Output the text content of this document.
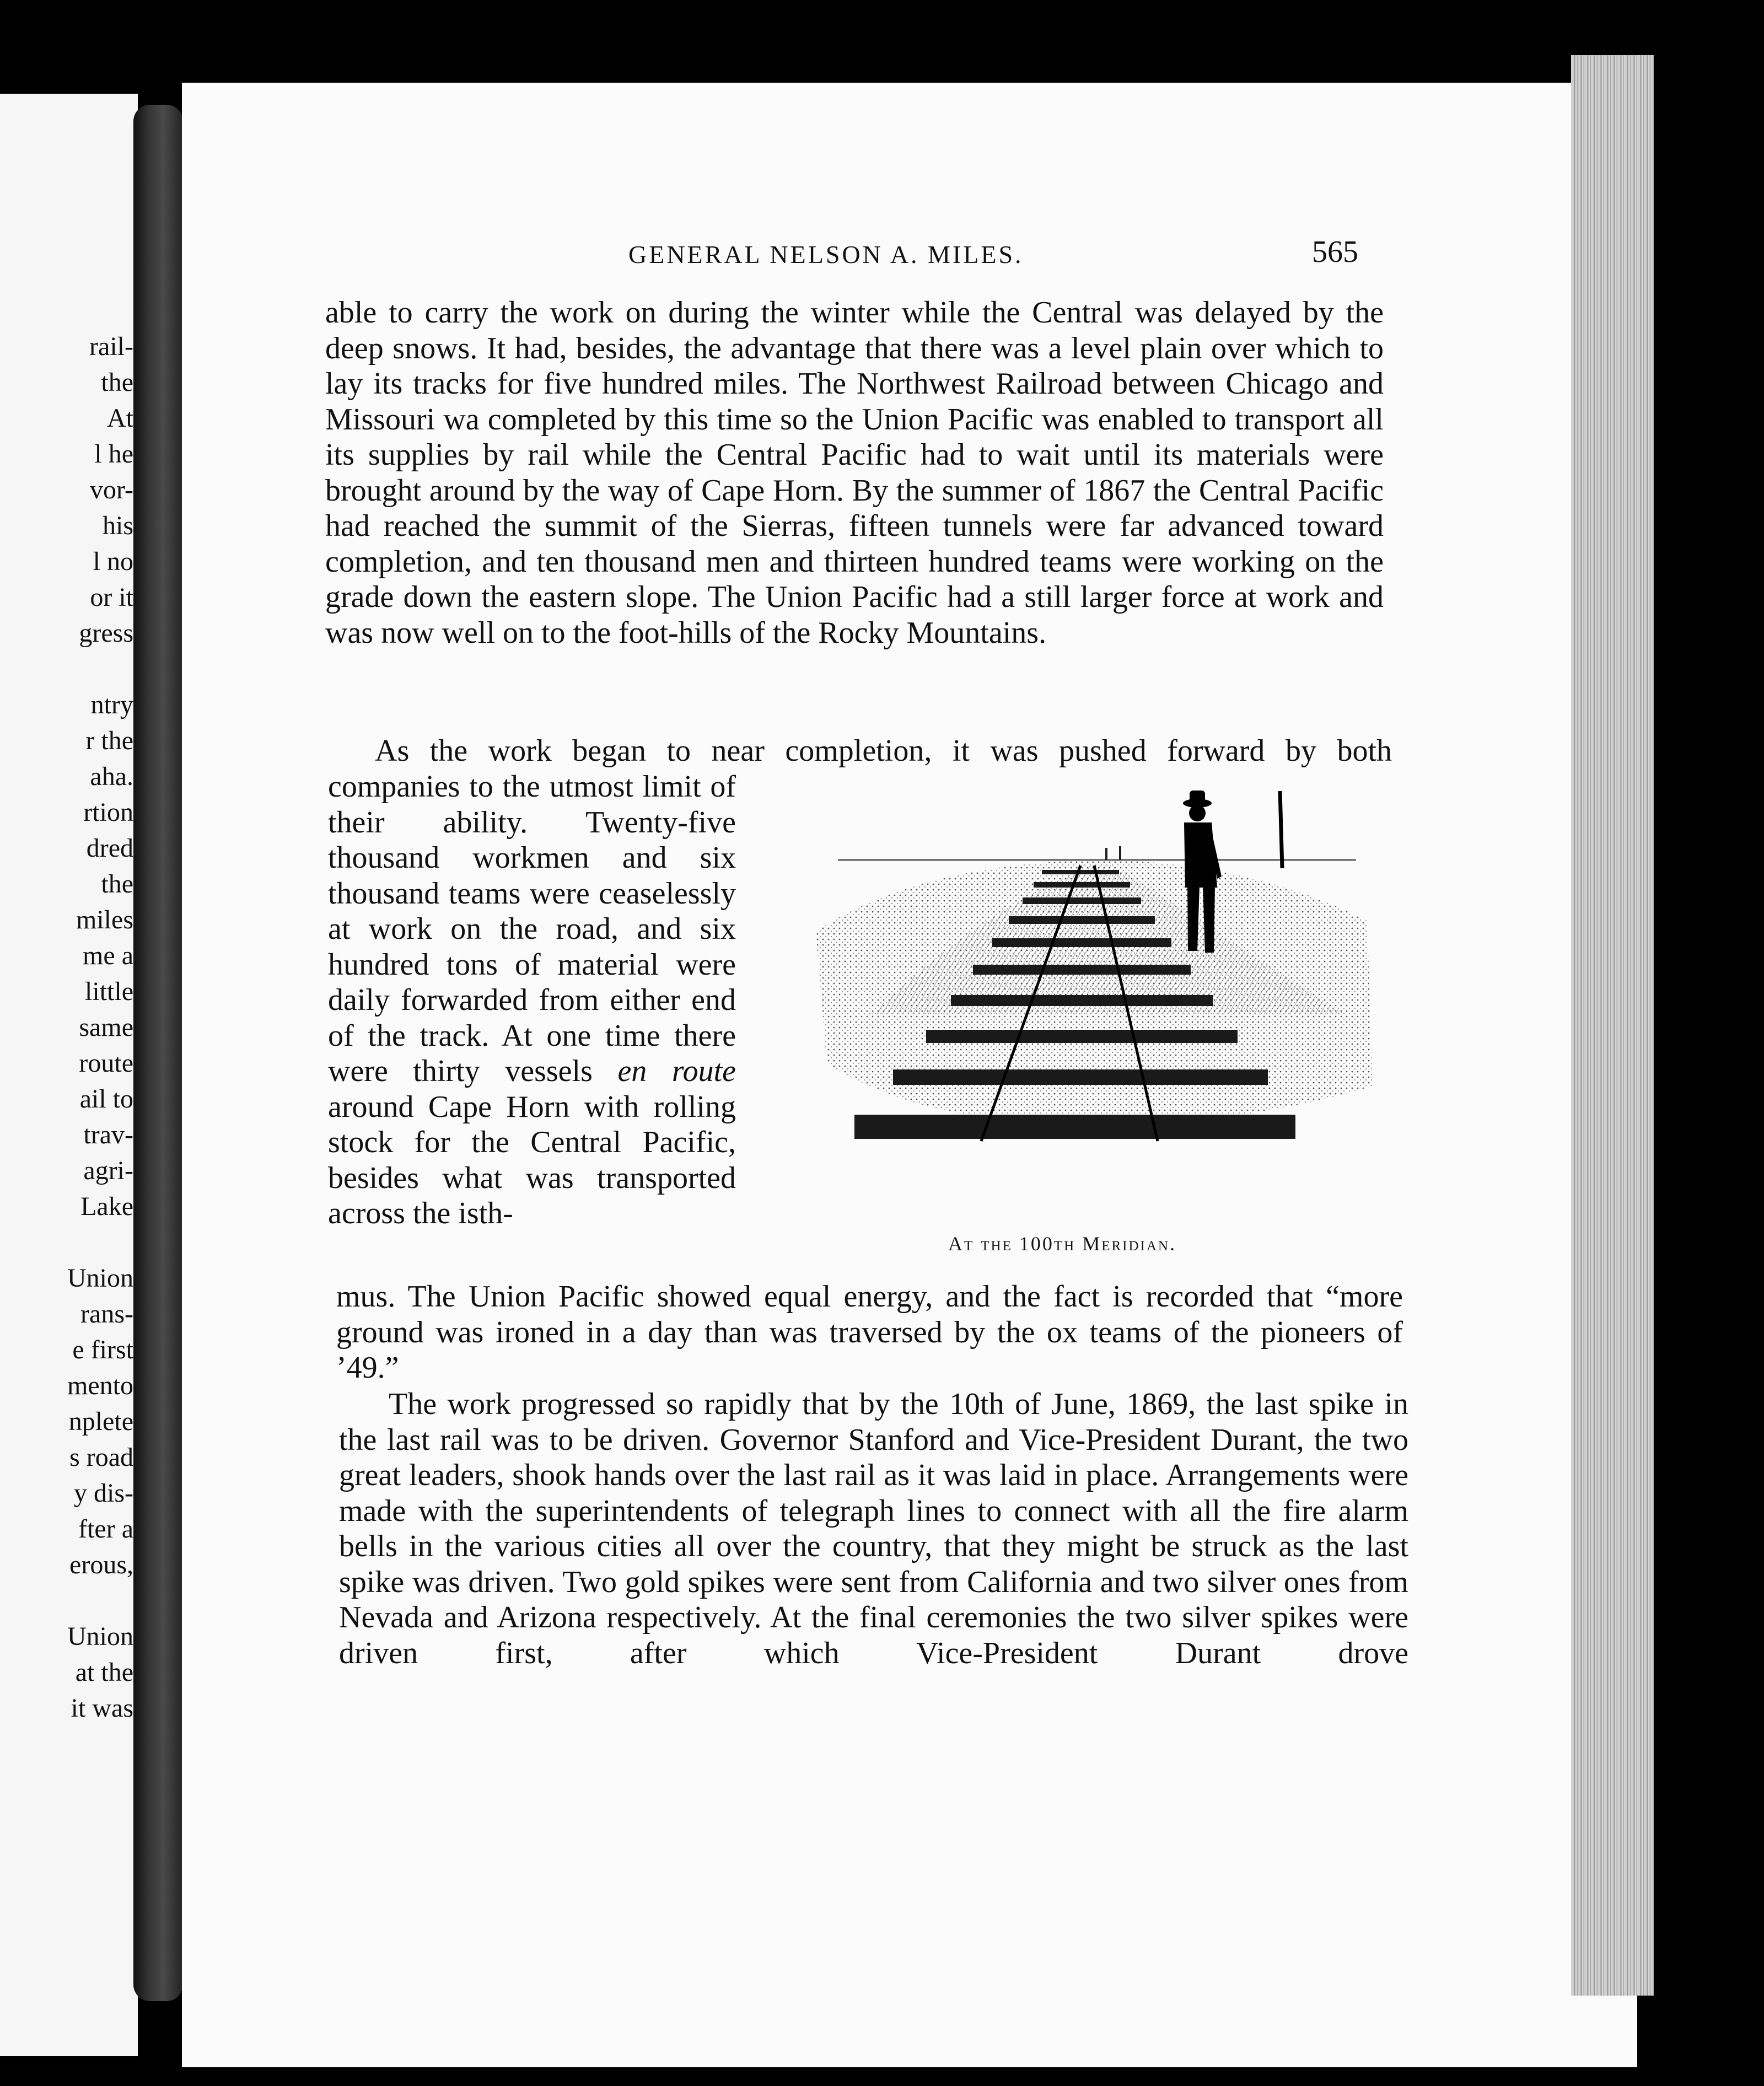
rail-
the
At
l he
vor-
his
l no
or it
gress
ntry
r the
aha.
rtion
dred
the
miles
me a
little
same
route
ail to
trav-
agri-
Lake
Union
rans-
e first
mento
nplete
s road
y dis-
fter a
erous,
Union
at the
it was
GENERAL NELSON A. MILES.	565

able to carry the work on during the winter while the Central was delayed by the deep snows. It had, besides, the advantage that there was a level plain over which to lay its tracks for five hundred miles. The Northwest Railroad between Chicago and Missouri wa completed by this time so the Union Pacific was enabled to transport all its supplies by rail while the Central Pacific had to wait until its materials were brought around by the way of Cape Horn. By the summer of 1867 the Central Pacific had reached the summit of the Sierras, fifteen tunnels were far advanced toward completion, and ten thousand men and thirteen hundred teams were working on the grade down the eastern slope. The Union Pacific had a still larger force at work and was now well on to the foot-hills of the Rocky Mountains.

As the work began to near completion, it was pushed forward by both

companies to the utmost limit of their ability. Twenty-five thousand workmen and six thousand teams were ceaselessly at work on the road, and six hundred tons of material were daily forwarded from either end of the track. At one time there were thirty vessels en route around Cape Horn with rolling stock for the Central Pacific, besides what was transported across the isth-

At the 100th Meridian.

mus. The Union Pacific showed equal energy, and the fact is recorded that “more ground was ironed in a day than was traversed by the ox teams of the pioneers of ’49.”

The work progressed so rapidly that by the 10th of June, 1869, the last spike in the last rail was to be driven. Governor Stanford and Vice-President Durant, the two great leaders, shook hands over the last rail as it was laid in place. Arrangements were made with the superintendents of telegraph lines to connect with all the fire alarm bells in the various cities all over the country, that they might be struck as the last spike was driven. Two gold spikes were sent from California and two silver ones from Nevada and Arizona respectively. At the final ceremonies the two silver spikes were driven first, after which Vice-President Durant drove
